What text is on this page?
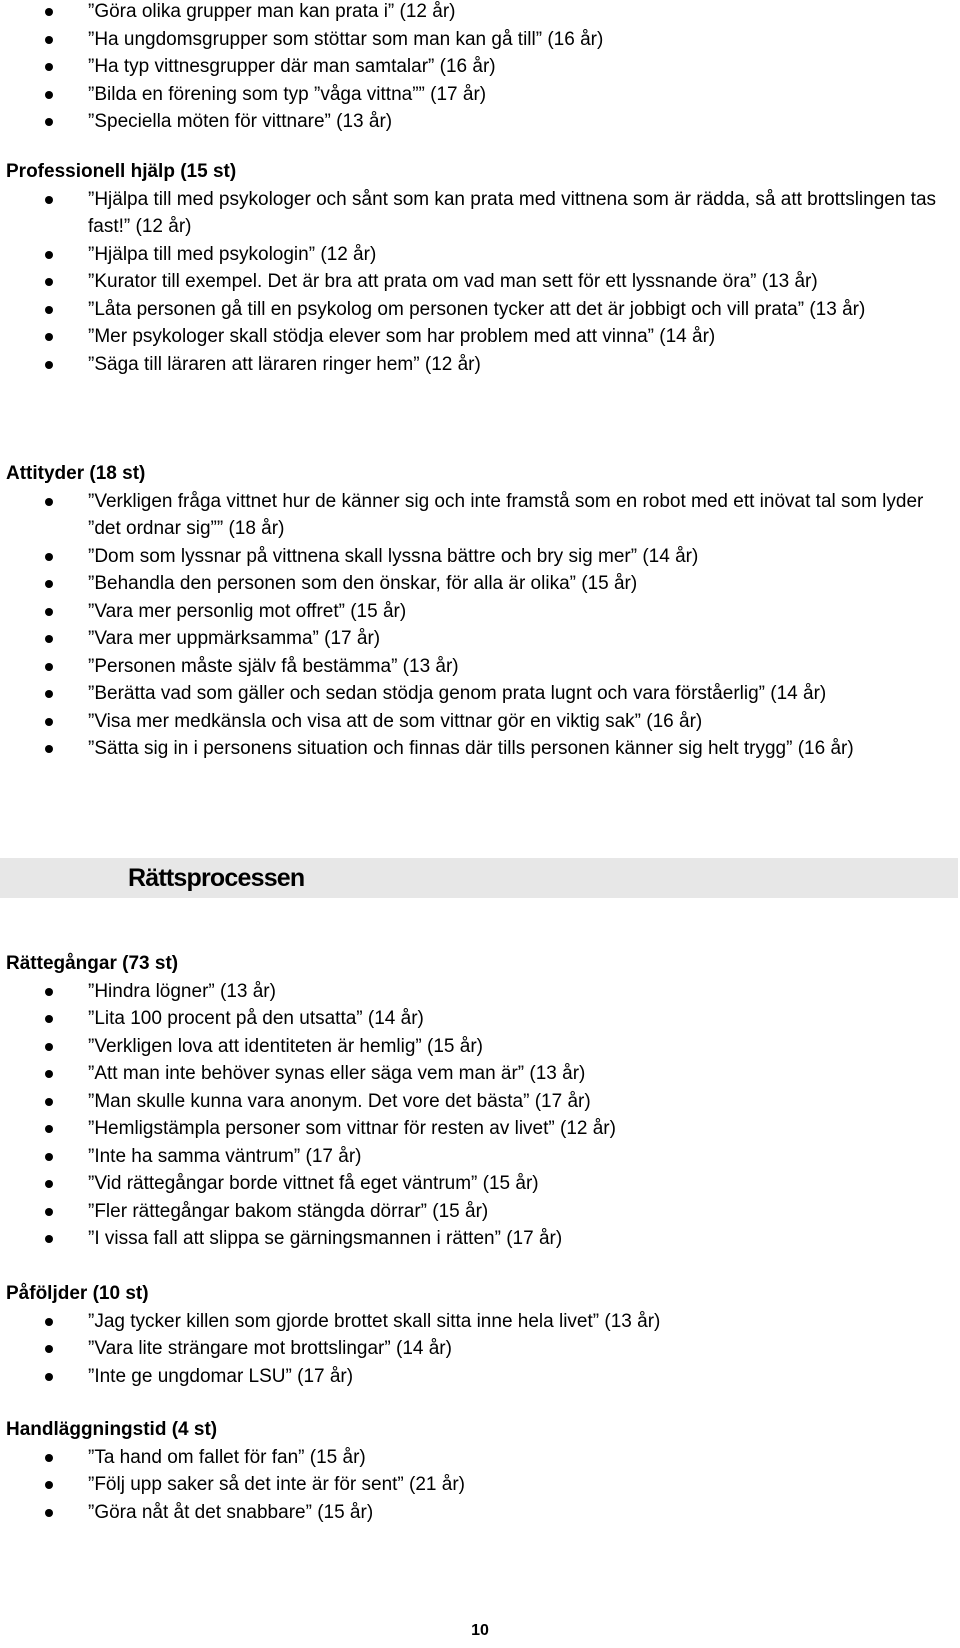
”Göra olika grupper man kan prata i” (12 år)
”Ha ungdomsgrupper som stöttar som man kan gå till” (16 år)
”Ha typ vittnesgrupper där man samtalar” (16 år)
”Bilda en förening som typ ”våga vittna”” (17 år)
”Speciella möten för vittnare” (13 år)
Professionell hjälp (15 st)
”Hjälpa till med psykologer och sånt som kan prata med vittnena som är rädda, så att brottslingen tas fast!” (12 år)
”Hjälpa till med psykologin” (12 år)
”Kurator till exempel. Det är bra att prata om vad man sett för ett lyssnande öra” (13 år)
”Låta personen gå till en psykolog om personen tycker att det är jobbigt och vill prata” (13 år)
”Mer psykologer skall stödja elever som har problem med att vinna” (14 år)
”Säga till läraren att läraren ringer hem” (12 år)
Attityder (18 st)
”Verkligen fråga vittnet hur de känner sig och inte framstå som en robot med ett inövat tal som lyder ”det ordnar sig”” (18 år)
”Dom som lyssnar på vittnena skall lyssna bättre och bry sig mer” (14 år)
”Behandla den personen som den önskar, för alla är olika” (15 år)
”Vara mer personlig mot offret” (15 år)
”Vara mer uppmärksamma” (17 år)
”Personen måste själv få bestämma” (13 år)
”Berätta vad som gäller och sedan stödja genom prata lugnt och vara förståerlig” (14 år)
”Visa mer medkänsla och visa att de som vittnar gör en viktig sak” (16 år)
”Sätta sig in i personens situation och finnas där tills personen känner sig helt trygg” (16 år)
Rättsprocessen
Rättegångar (73 st)
”Hindra lögner” (13 år)
”Lita 100 procent på den utsatta” (14 år)
”Verkligen lova att identiteten är hemlig” (15 år)
”Att man inte behöver synas eller säga vem man är” (13 år)
”Man skulle kunna vara anonym. Det vore det bästa” (17 år)
”Hemligstämpla personer som vittnar för resten av livet” (12 år)
”Inte ha samma väntrum” (17 år)
”Vid rättegångar borde vittnet få eget väntrum” (15 år)
”Fler rättegångar bakom stängda dörrar” (15 år)
”I vissa fall att slippa se gärningsmannen i rätten” (17 år)
Påföljder (10 st)
”Jag tycker killen som gjorde brottet skall sitta inne hela livet” (13 år)
”Vara lite strängare mot brottslingar” (14 år)
”Inte ge ungdomar LSU” (17 år)
Handläggningstid (4 st)
”Ta hand om fallet för fan” (15 år)
”Följ upp saker så det inte är för sent” (21 år)
”Göra nåt åt det snabbare” (15 år)
10
